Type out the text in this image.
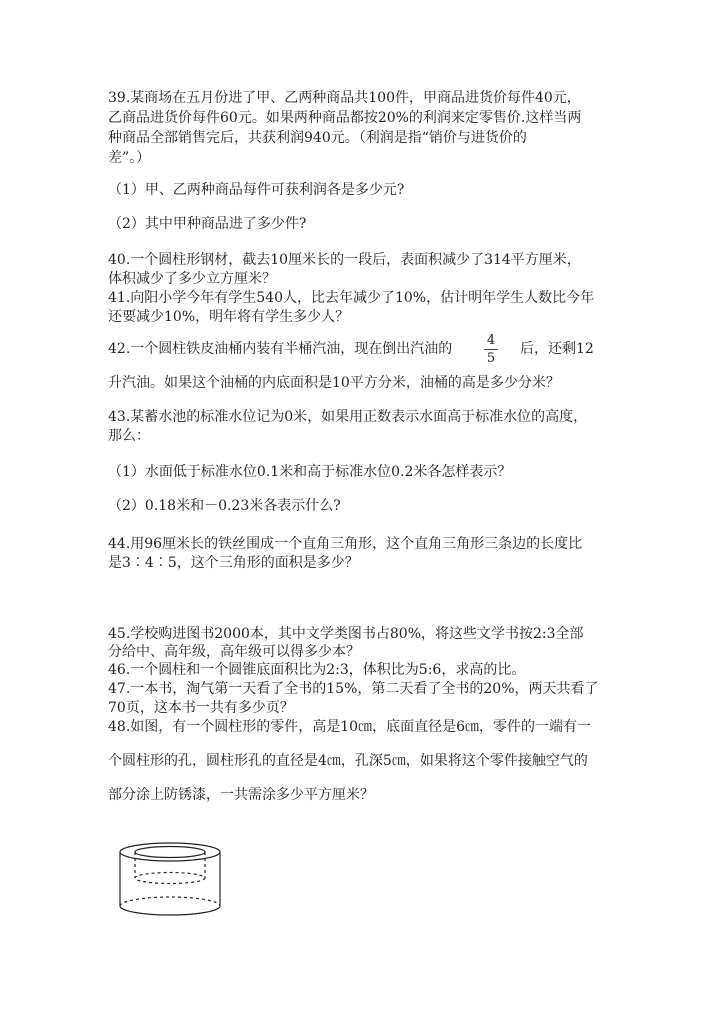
39.某商场在五月份进了甲、乙两种商品共100件，甲商品进货价每件40元，
乙商品进货价每件60元。如果两种商品都按20%的利润来定零售价.这样当两
种商品全部销售完后，共获利润940元。（利润是指“销价与进货价的
差”。）
（1）甲、乙两种商品每件可获利润各是多少元?
（2）其中甲种商品进了多少件?
40.一个圆柱形钢材，截去10厘米长的一段后，表面积减少了314平方厘米，
体积减少了多少立方厘米？
41.向阳小学今年有学生540人，比去年减少了10%，估计明年学生人数比今年
还要减少10%，明年将有学生多少人？
42.一个圆柱铁皮油桶内装有半桶汽油，现在倒出汽油的
4
5
后，还剩12
升汽油。如果这个油桶的内底面积是10平方分米，油桶的高是多少分米？
43.某蓄水池的标准水位记为0米，如果用正数表示水面高于标准水位的高度，
那么：
（1）水面低于标准水位0.1米和高于标准水位0.2米各怎样表示？
（2）0.18米和－0.23米各表示什么?
44.用96厘米长的铁丝围成一个直角三角形，这个直角三角形三条边的长度比
是3∶4∶5，这个三角形的面积是多少？
45.学校购进图书2000本，其中文学类图书占80%，将这些文学书按2:3全部
分给中、高年级，高年级可以得多少本？
46.一个圆柱和一个圆锥底面积比为2:3，体积比为5:6，求高的比。
47.一本书，淘气第一天看了全书的15%，第二天看了全书的20%，两天共看了
70页，这本书一共有多少页？
48.如图，有一个圆柱形的零件，高是10㎝，底面直径是6㎝，零件的一端有一
个圆柱形的孔，圆柱形孔的直径是4㎝，孔深5㎝，如果将这个零件接触空气的
部分涂上防锈漆，一共需涂多少平方厘米？
